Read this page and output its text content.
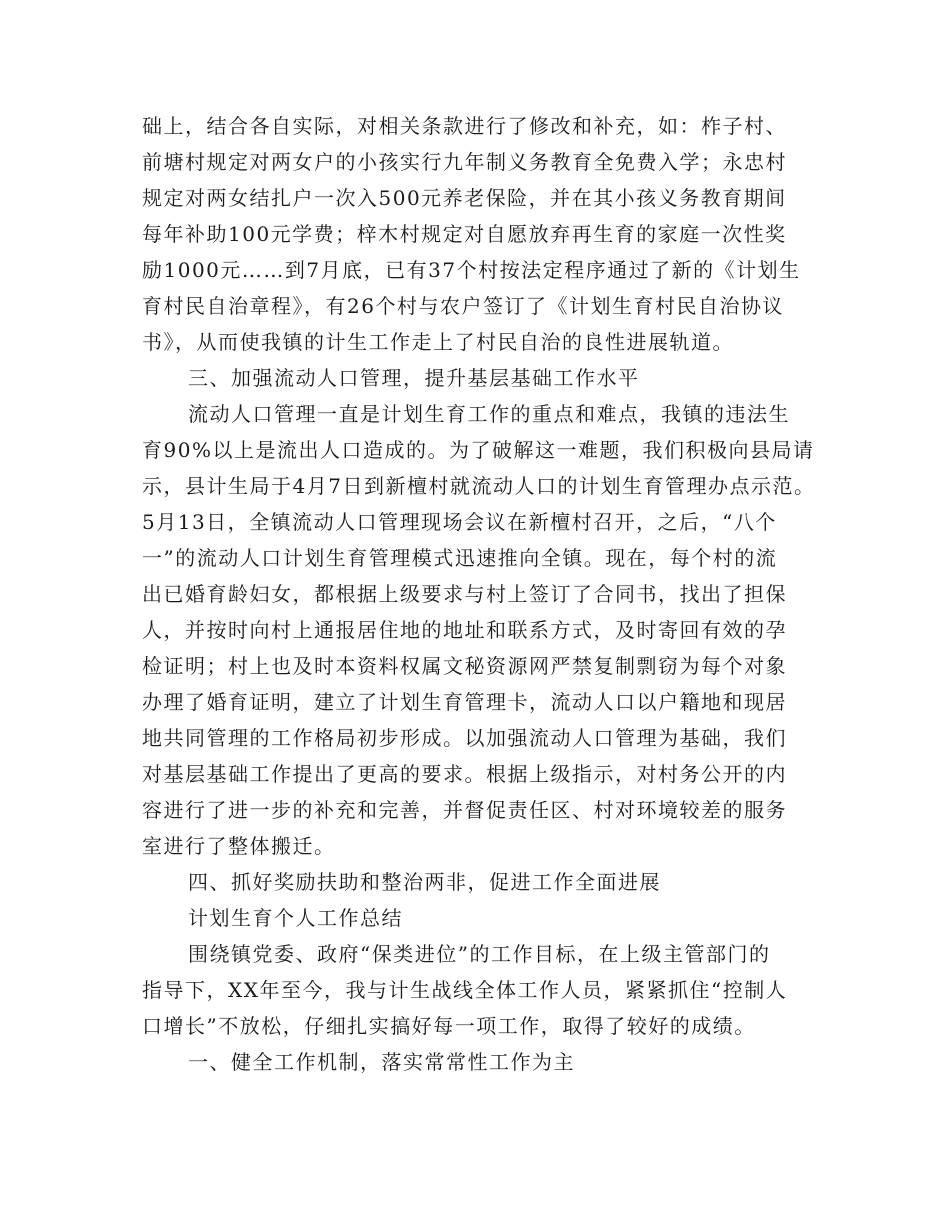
础上，结合各自实际，对相关条款进行了修改和补充，如：柞子村、
前塘村规定对两女户的小孩实行九年制义务教育全免费入学；永忠村
规定对两女结扎户一次入500元养老保险，并在其小孩义务教育期间
每年补助100元学费；梓木村规定对自愿放弃再生育的家庭一次性奖
励1000元……到7月底，已有37个村按法定程序通过了新的《计划生
育村民自治章程》，有26个村与农户签订了《计划生育村民自治协议
书》，从而使我镇的计生工作走上了村民自治的良性进展轨道。
三、加强流动人口管理，提升基层基础工作水平
流动人口管理一直是计划生育工作的重点和难点，我镇的违法生
育90%以上是流出人口造成的。为了破解这一难题，我们积极向县局请
示，县计生局于4月7日到新檀村就流动人口的计划生育管理办点示范。
5月13日，全镇流动人口管理现场会议在新檀村召开，之后，“八个
一”的流动人口计划生育管理模式迅速推向全镇。现在，每个村的流
出已婚育龄妇女，都根据上级要求与村上签订了合同书，找出了担保
人，并按时向村上通报居住地的地址和联系方式，及时寄回有效的孕
检证明；村上也及时本资料权属文秘资源网严禁复制剽窃为每个对象
办理了婚育证明，建立了计划生育管理卡，流动人口以户籍地和现居
地共同管理的工作格局初步形成。以加强流动人口管理为基础，我们
对基层基础工作提出了更高的要求。根据上级指示，对村务公开的内
容进行了进一步的补充和完善，并督促责任区、村对环境较差的服务
室进行了整体搬迁。
四、抓好奖励扶助和整治两非，促进工作全面进展
计划生育个人工作总结
围绕镇党委、政府“保类进位”的工作目标，在上级主管部门的
指导下，XX年至今，我与计生战线全体工作人员，紧紧抓住“控制人
口增长”不放松，仔细扎实搞好每一项工作，取得了较好的成绩。
一、健全工作机制，落实常常性工作为主
